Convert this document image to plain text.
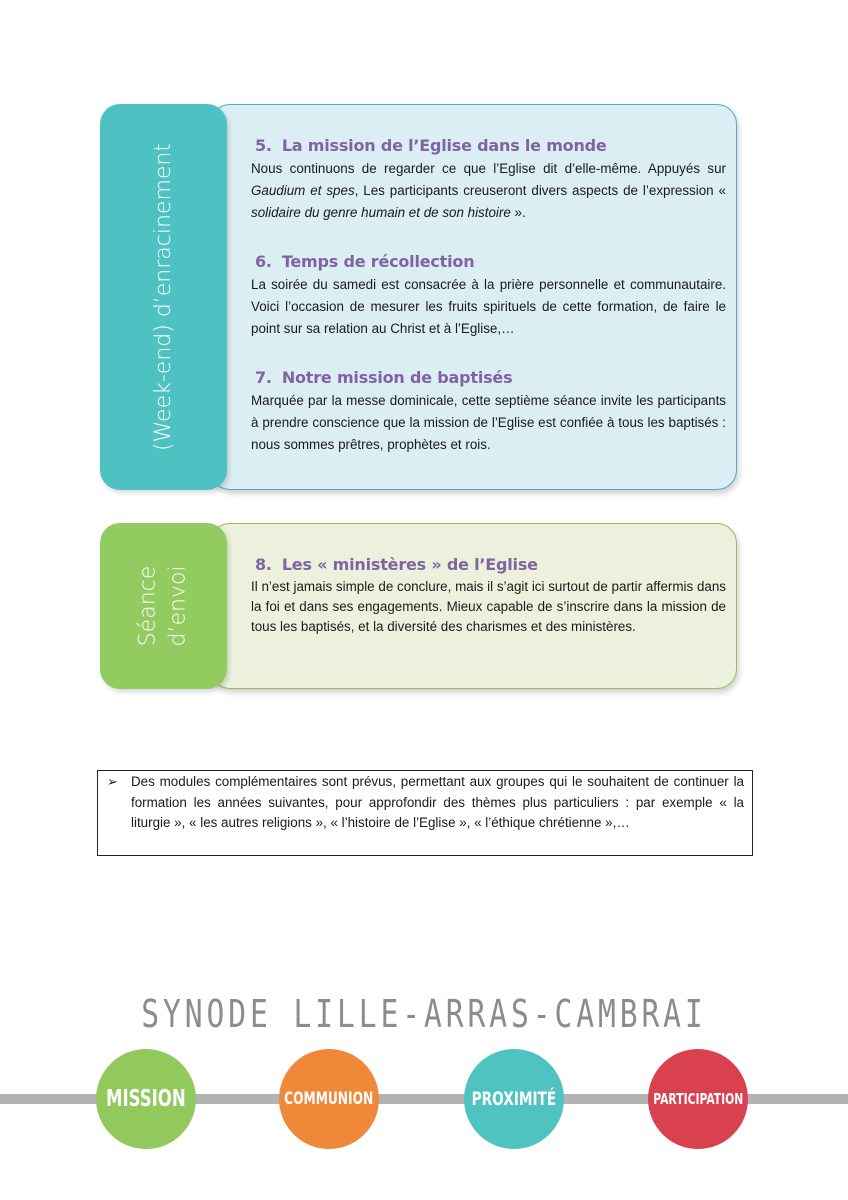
(Week-end) d’enracinement	5. La mission de l’Eglise dans le monde

Nous continuons de regarder ce que l’Eglise dit d’elle-même. Appuyés sur Gaudium et spes, Les participants creuseront divers aspects de l’expression « solidaire du genre humain et de son histoire ».

6. Temps de récollection

La soirée du samedi est consacrée à la prière personnelle et communautaire. Voici l’occasion de mesurer les fruits spirituels de cette formation, de faire le point sur sa relation au Christ et à l’Eglise,…

7. Notre mission de baptisés

Marquée par la messe dominicale, cette septième séance invite les participants à prendre conscience que la mission de l’Eglise est confiée à tous les baptisés : nous sommes prêtres, prophètes et rois.

Séance d’envoi
8. Les « ministères » de l’Eglise

Il n’est jamais simple de conclure, mais il s’agit ici surtout de partir affermis dans la foi et dans ses engagements. Mieux capable de s’inscrire dans la mission de tous les baptisés, et la diversité des charismes et des ministères.

➢ Des modules complémentaires sont prévus, permettant aux groupes qui le souhaitent de continuer la formation les années suivantes, pour approfondir des thèmes plus particuliers : par exemple « la liturgie », « les autres religions », « l’histoire de l’Eglise », « l’éthique chrétienne »,…
SYNODE LILLE-ARRAS-CAMBRAI
MISSION	COMMUNION	PROXIMITÉ	PARTICIPATION
